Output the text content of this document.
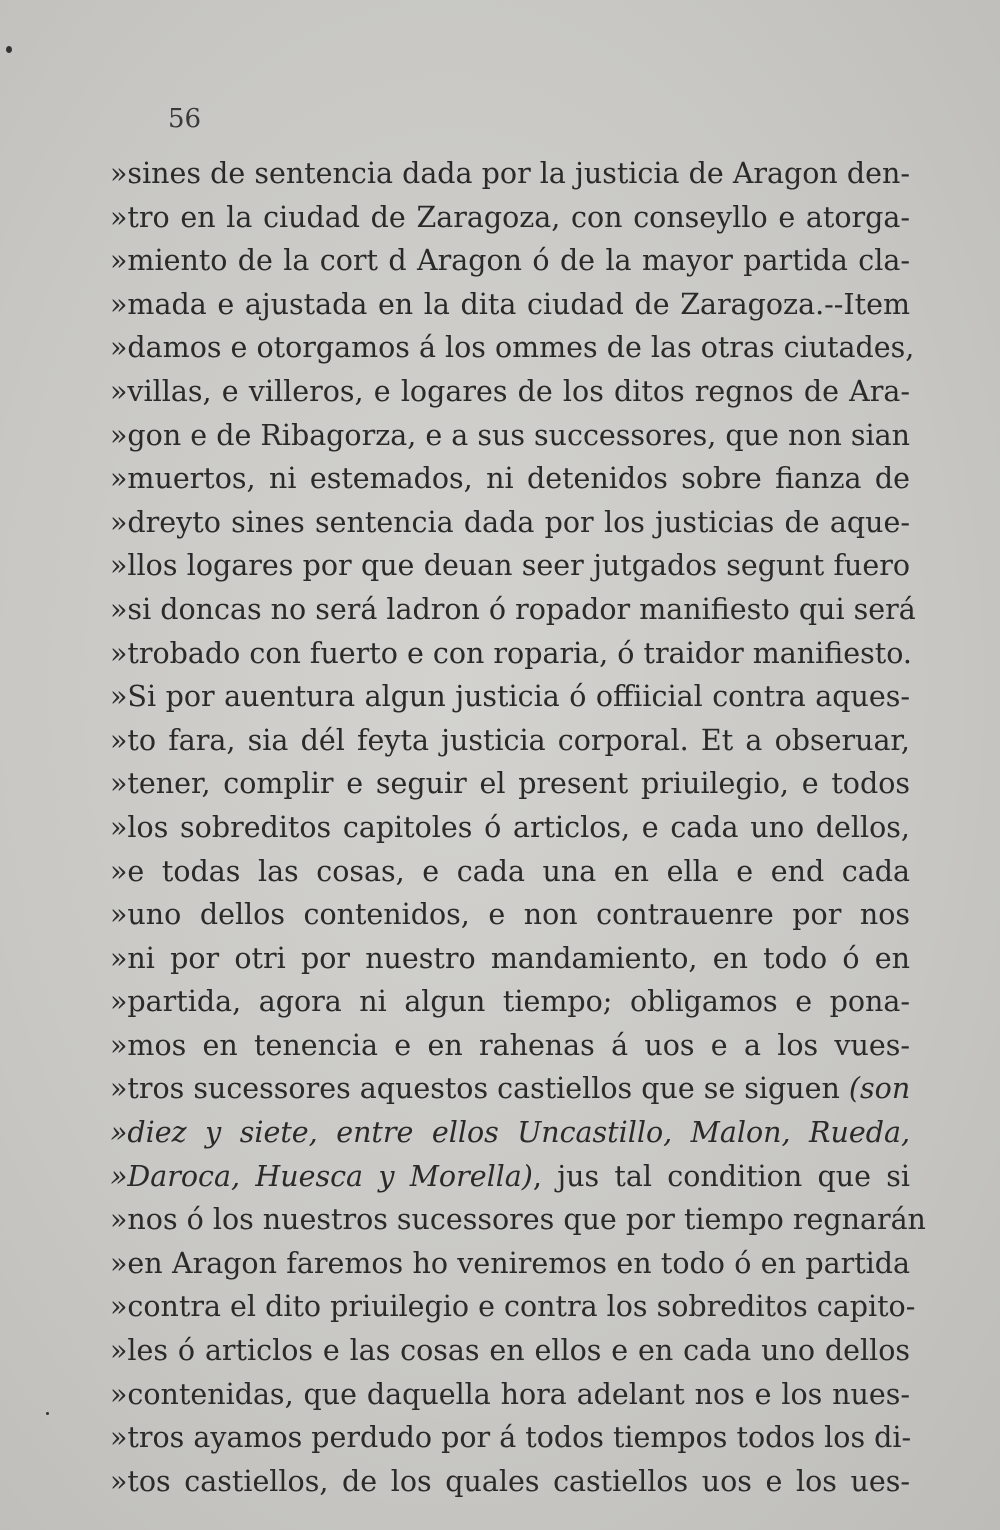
56
»sines de sentencia dada por la justicia de Aragon den-
»tro en la ciudad de Zaragoza, con conseyllo e atorga-
»miento de la cort d Aragon ó de la mayor partida cla-
»mada e ajustada en la dita ciudad de Zaragoza.--Item
»damos e otorgamos á los ommes de las otras ciutades,
»villas, e villeros, e logares de los ditos regnos de Ara-
»gon e de Ribagorza, e a sus successores, que non sian
»muertos, ni estemados, ni detenidos sobre fianza de
»dreyto sines sentencia dada por los justicias de aque-
»llos logares por que deuan seer jutgados segunt fuero
»si doncas no será ladron ó ropador manifiesto qui será
»trobado con fuerto e con roparia, ó traidor manifiesto.
»Si por auentura algun justicia ó offiicial contra aques-
»to fara, sia dél feyta justicia corporal. Et a obseruar,
»tener, complir e seguir el present priuilegio, e todos
»los sobreditos capitoles ó articlos, e cada uno dellos,
»e todas las cosas, e cada una en ella e end cada
»uno dellos contenidos, e non contrauenre por nos
»ni por otri por nuestro mandamiento, en todo ó en
»partida, agora ni algun tiempo; obligamos e pona-
»mos en tenencia e en rahenas á uos e a los vues-
»tros sucessores aquestos castiellos que se siguen (son
»diez y siete, entre ellos Uncastillo, Malon, Rueda,
»Daroca, Huesca y Morella), jus tal condition que si
»nos ó los nuestros sucessores que por tiempo regnarán
»en Aragon faremos ho veniremos en todo ó en partida
»contra el dito priuilegio e contra los sobreditos capito-
»les ó articlos e las cosas en ellos e en cada uno dellos
»contenidas, que daquella hora adelant nos e los nues-
»tros ayamos perdudo por á todos tiempos todos los di-
»tos castiellos, de los quales castiellos uos e los ues-
